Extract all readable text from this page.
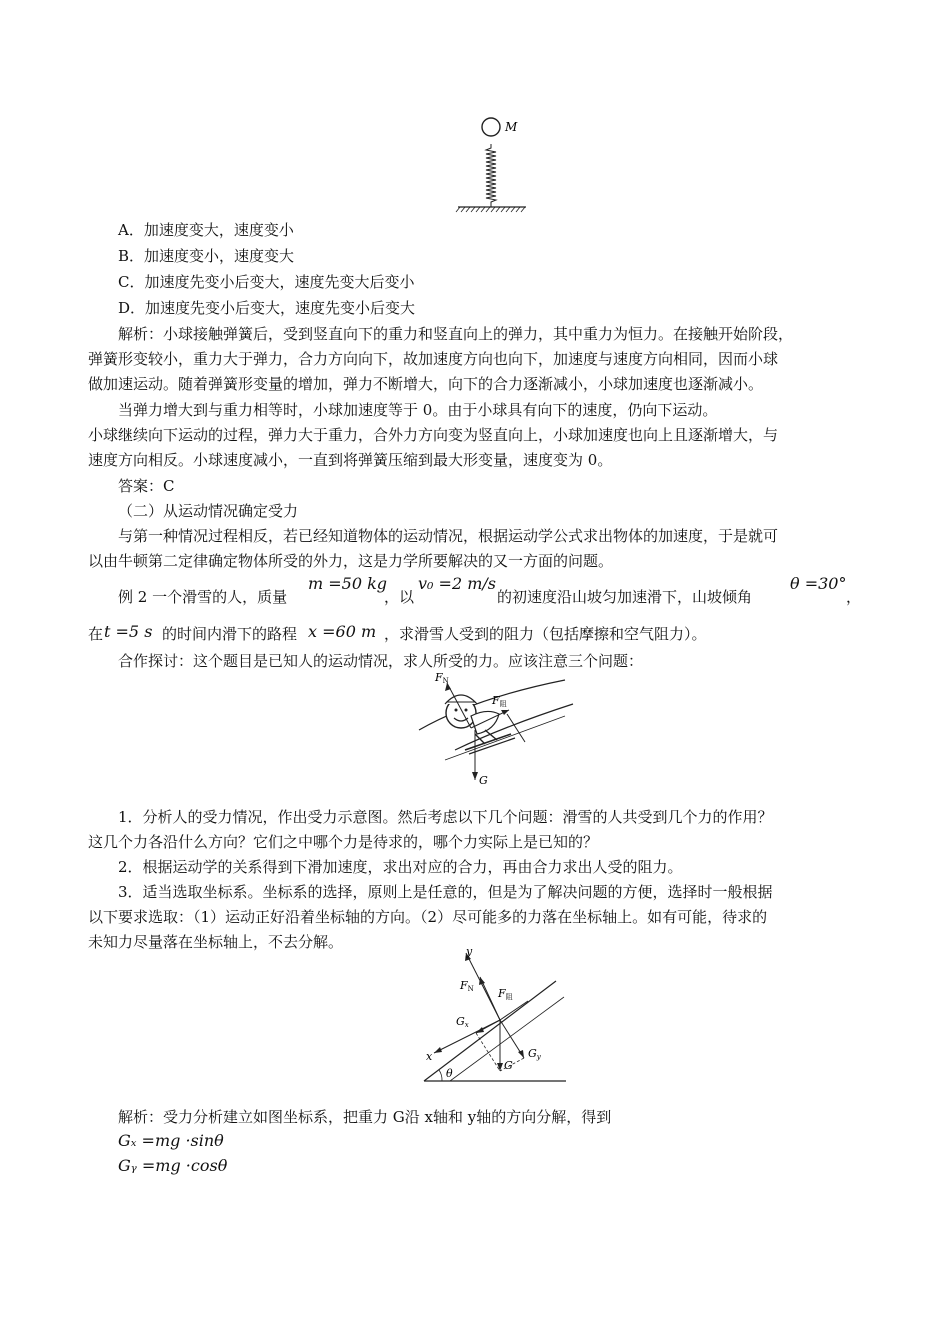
M

A．加速度变大，速度变小

B．加速度变小，速度变大

C．加速度先变小后变大，速度先变大后变小

D．加速度先变小后变大，速度先变小后变大

解析：小球接触弹簧后，受到竖直向下的重力和竖直向上的弹力，其中重力为恒力。在接触开始阶段，

弹簧形变较小，重力大于弹力，合力方向向下，故加速度方向也向下，加速度与速度方向相同，因而小球

做加速运动。随着弹簧形变量的增加，弹力不断增大，向下的合力逐渐减小，小球加速度也逐渐减小。

当弹力增大到与重力相等时，小球加速度等于 0。由于小球具有向下的速度，仍向下运动。

小球继续向下运动的过程，弹力大于重力，合外力方向变为竖直向上，小球加速度也向上且逐渐增大，与

速度方向相反。小球速度减小，一直到将弹簧压缩到最大形变量，速度变为 0。

答案：C

（二）从运动情况确定受力

与第一种情况过程相反，若已经知道物体的运动情况，根据运动学公式求出物体的加速度，于是就可

以由牛顿第二定律确定物体所受的外力，这是力学所要解决的又一方面的问题。

例 2 一个滑雪的人，质量
m =50 kg
，以
v₀ =2 m/s
的初速度沿山坡匀加速滑下，山坡倾角
θ =30°
，
在 t =5 s 的时间内滑下的路程 x =60 m ，求滑雪人受到的阻力（包括摩擦和空气阻力）。

合作探讨：这个题目是已知人的运动情况，求人所受的力。应该注意三个问题：

FN
F阻
G

1．分析人的受力情况，作出受力示意图。然后考虑以下几个问题：滑雪的人共受到几个力的作用？

这几个力各沿什么方向？它们之中哪个力是待求的，哪个力实际上是已知的？

2．根据运动学的关系得到下滑加速度，求出对应的合力，再由合力求出人受的阻力。

3．适当选取坐标系。坐标系的选择，原则上是任意的，但是为了解决问题的方便，选择时一般根据

以下要求选取：（1）运动正好沿着坐标轴的方向。（2）尽可能多的力落在坐标轴上。如有可能，待求的

未知力尽量落在坐标轴上，不去分解。

θ
x
y
FN F阻
G
Gx
Gy

解析：受力分析建立如图坐标系，把重力 G沿 x轴和 y轴的方向分解，得到

Gₓ =mg ·sinθ

Gᵧ =mg ·cosθ
